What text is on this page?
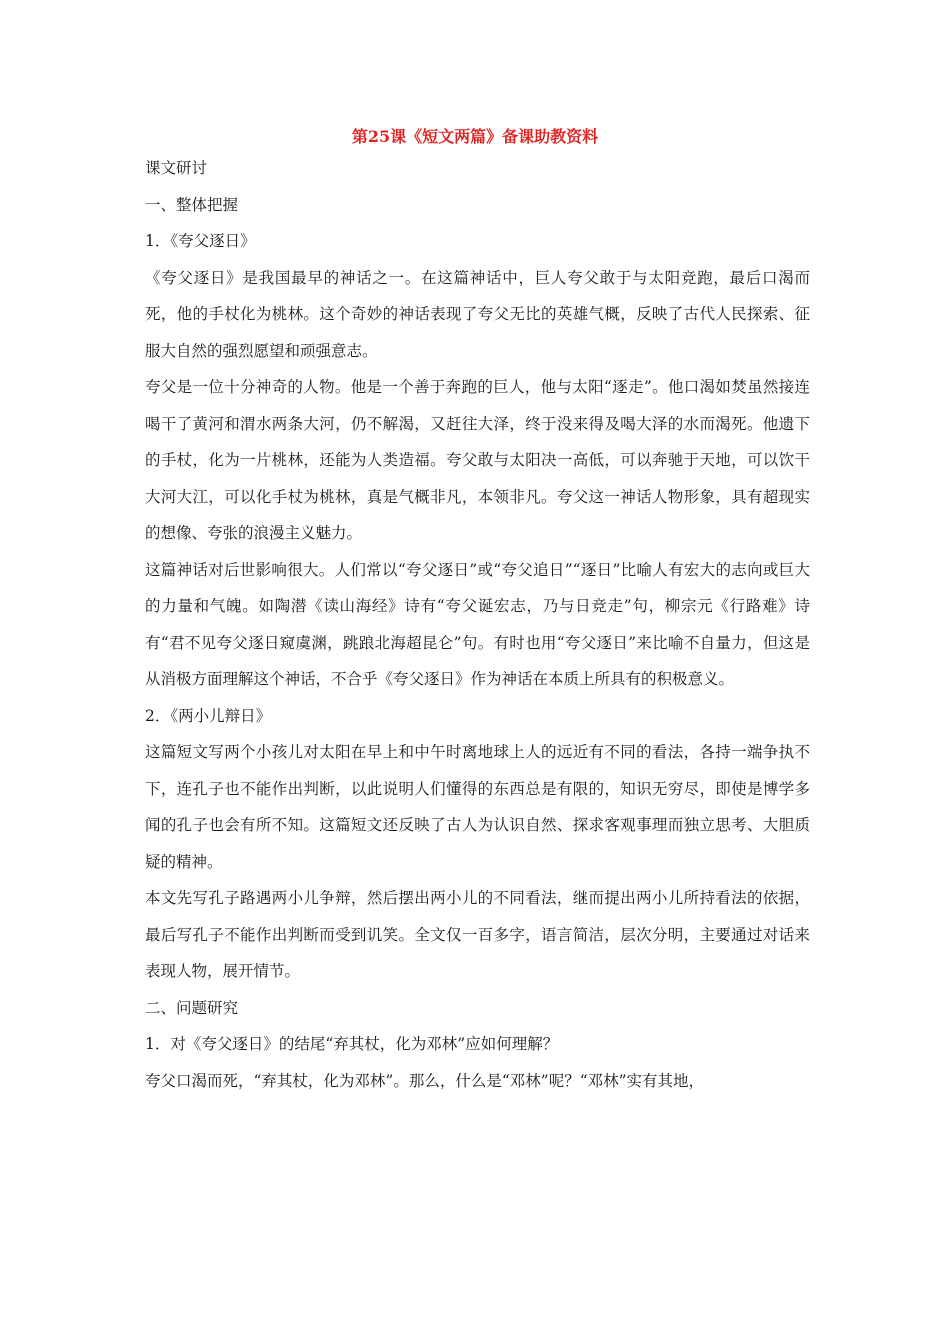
第25课《短文两篇》备课助教资料

课文研讨

一、整体把握

1．《夸父逐日》

《夸父逐日》是我国最早的神话之一。在这篇神话中，巨人夸父敢于与太阳竞跑，最后口渴而死，他的手杖化为桃林。这个奇妙的神话表现了夸父无比的英雄气概，反映了古代人民探索、征服大自然的强烈愿望和顽强意志。

夸父是一位十分神奇的人物。他是一个善于奔跑的巨人，他与太阳“逐走”。他口渴如焚虽然接连喝干了黄河和渭水两条大河，仍不解渴，又赶往大泽，终于没来得及喝大泽的水而渴死。他遗下的手杖，化为一片桃林，还能为人类造福。夸父敢与太阳决一高低，可以奔驰于天地，可以饮干大河大江，可以化手杖为桃林，真是气概非凡，本领非凡。夸父这一神话人物形象，具有超现实的想像、夸张的浪漫主义魅力。

这篇神话对后世影响很大。人们常以“夸父逐日”或“夸父追日”“逐日”比喻人有宏大的志向或巨大的力量和气魄。如陶潜《读山海经》诗有“夸父诞宏志，乃与日竞走”句，柳宗元《行路难》诗有“君不见夸父逐日窥虞渊，跳踉北海超昆仑”句。有时也用“夸父逐日”来比喻不自量力，但这是从消极方面理解这个神话，不合乎《夸父逐日》作为神话在本质上所具有的积极意义。

2．《两小儿辩日》

这篇短文写两个小孩儿对太阳在早上和中午时离地球上人的远近有不同的看法，各持一端争执不下，连孔子也不能作出判断，以此说明人们懂得的东西总是有限的，知识无穷尽，即使是博学多闻的孔子也会有所不知。这篇短文还反映了古人为认识自然、探求客观事理而独立思考、大胆质疑的精神。

本文先写孔子路遇两小儿争辩，然后摆出两小儿的不同看法，继而提出两小儿所持看法的依据，最后写孔子不能作出判断而受到讥笑。全文仅一百多字，语言简洁，层次分明，主要通过对话来表现人物，展开情节。

二、问题研究

1．对《夸父逐日》的结尾“弃其杖，化为邓林”应如何理解？

夸父口渴而死，“弃其杖，化为邓林”。那么，什么是“邓林”呢？“邓林”实有其地，
